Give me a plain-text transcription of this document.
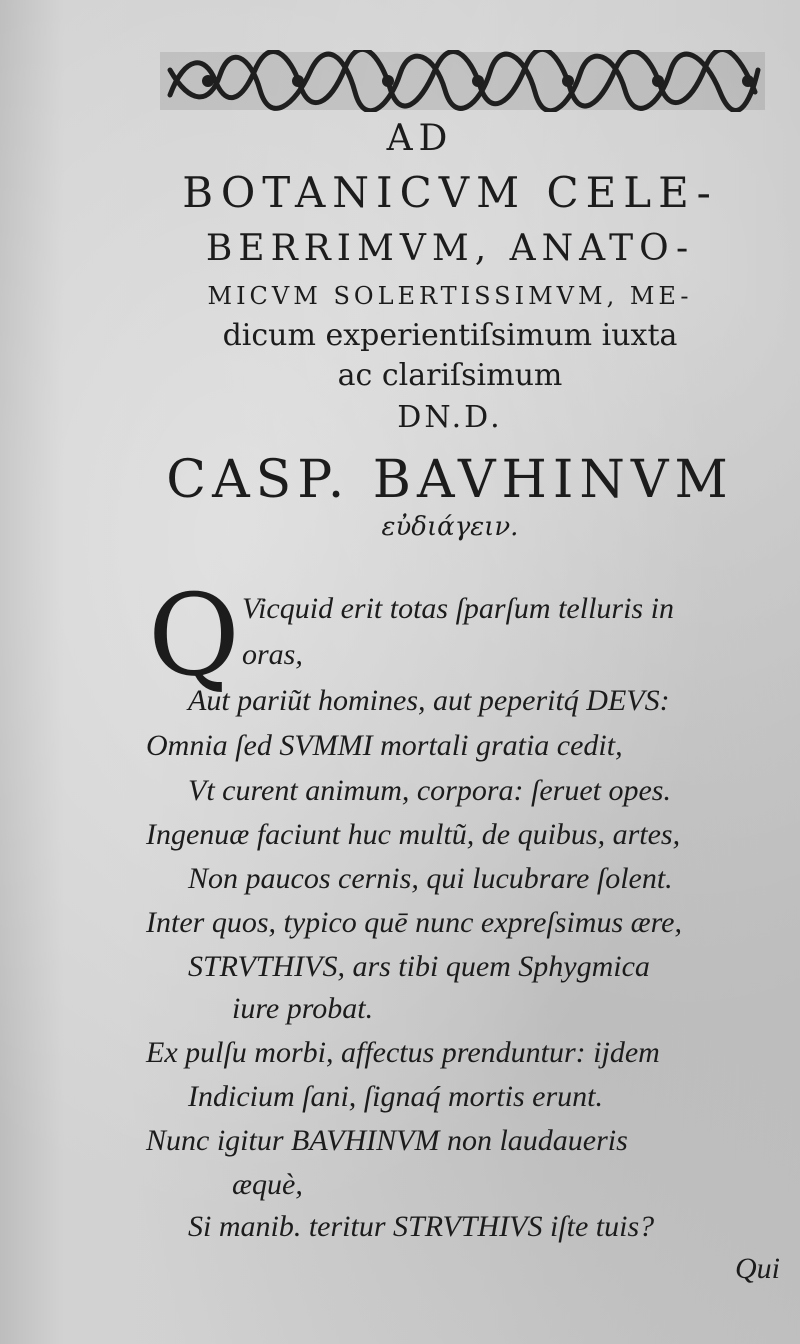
AD
BOTANICVM CELE-
BERRIMVM, ANATO-
MICVM SOLERTISSIMVM, ME-
dicum experientiſsimum iuxta
ac clariſsimum
DN.D.
CASP. BAVHINVM
εὐδιάγειν.
Q Vicquid erit totas ſparſum telluris in
oras,
Aut pariũt homines, aut peperitq́ DEVS:
Omnia ſed SVMMI mortali gratia cedit,
Vt curent animum, corpora: ſeruet opes.
Ingenuæ faciunt huc multũ, de quibus, artes,
Non paucos cernis, qui lucubrare ſolent.
Inter quos, typico quē nunc expreſsimus ære,
STRVTHIVS, ars tibi quem Sphygmica
iure probat.
Ex pulſu morbi, affectus prenduntur: ijdem
Indicium ſani, ſignaq́ mortis erunt.
Nunc igitur BAVHINVM non laudaueris
æquè,
Si manib. teritur STRVTHIVS iſte tuis?
Qui
